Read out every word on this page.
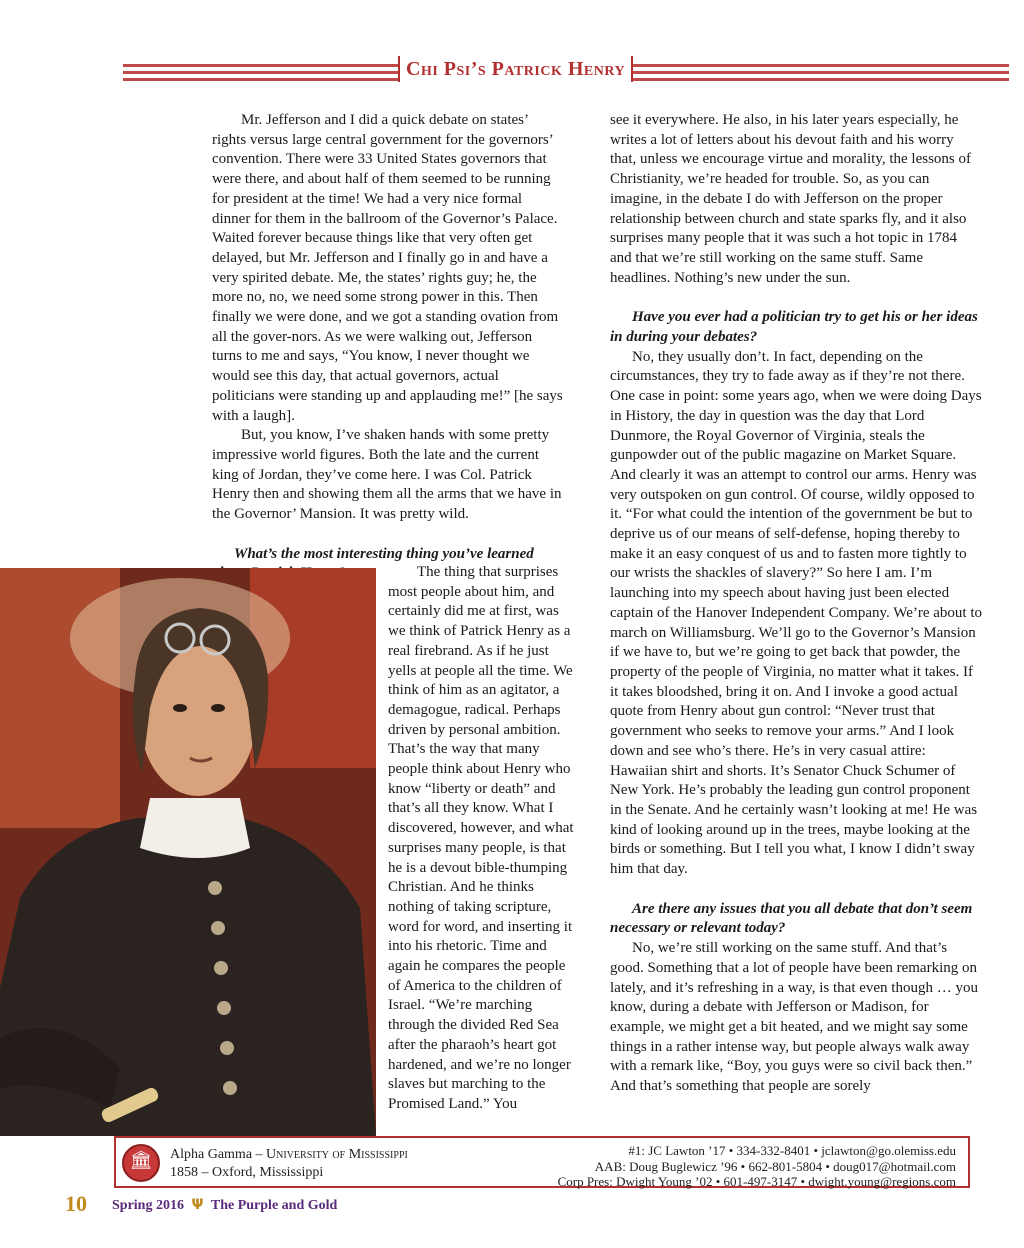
Chi Psi’s Patrick Henry

Mr. Jefferson and I did a quick debate on states’ rights versus large central government for the governors’ convention. There were 33 United States governors that were there, and about half of them seemed to be running for president at the time! We had a very nice formal dinner for them in the ballroom of the Governor’s Palace. Waited forever because things like that very often get delayed, but Mr. Jefferson and I finally go in and have a very spirited debate. Me, the states’ rights guy; he, the more no, no, we need some strong power in this. Then finally we were done, and we got a standing ovation from all the gover-nors. As we were walking out, Jefferson turns to me and says, “You know, I never thought we would see this day, that actual governors, actual politicians were standing up and applauding me!” [he says with a laugh].

But, you know, I’ve shaken hands with some pretty impressive world figures. Both the late and the current king of Jordan, they’ve come here. I was Col. Patrick Henry then and showing them all the arms that we have in the Governor’ Mansion. It was pretty wild.

What’s the most interesting thing you’ve learned

The thing that surprises most people about him, and certainly did me at first, was we think of Patrick Henry as a real firebrand. As if he just yells at people all the time. We think of him as an agitator, a demagogue, radical. Perhaps driven by personal ambition. That’s the way that many people think about Henry who know “liberty or death” and that’s all they know. What I discovered, however, and what surprises many people, is that he is a devout bible-thumping Christian. And he thinks nothing of taking scripture, word for word, and inserting it into his rhetoric. Time and again he compares the people of America to the children of Israel. “We’re marching through the divided Red Sea after the pharaoh’s heart got hardened, and we’re no longer slaves but marching to the Promised Land.” You

see it everywhere. He also, in his later years especially, he writes a lot of letters about his devout faith and his worry that, unless we encourage virtue and morality, the lessons of Christianity, we’re headed for trouble. So, as you can imagine, in the debate I do with Jefferson on the proper relationship between church and state sparks fly, and it also surprises many people that it was such a hot topic in 1784 and that we’re still working on the same stuff. Same headlines. Nothing’s new under the sun.

Have you ever had a politician try to get his or her ideas in during your debates?

No, they usually don’t. In fact, depending on the circumstances, they try to fade away as if they’re not there. One case in point: some years ago, when we were doing Days in History, the day in question was the day that Lord Dunmore, the Royal Governor of Virginia, steals the gunpowder out of the public magazine on Market Square. And clearly it was an attempt to control our arms. Henry was very outspoken on gun control. Of course, wildly opposed to it. “For what could the intention of the government be but to deprive us of our means of self-defense, hoping thereby to make it an easy conquest of us and to fasten more tightly to our wrists the shackles of slavery?” So here I am. I’m launching into my speech about having just been elected captain of the Hanover Independent Company. We’re about to march on Williamsburg. We’ll go to the Governor’s Mansion if we have to, but we’re going to get back that powder, the property of the people of Virginia, no matter what it takes. If it takes bloodshed, bring it on. And I invoke a good actual quote from Henry about gun control: “Never trust that government who seeks to remove your arms.” And I look down and see who’s there. He’s in very casual attire: Hawaiian shirt and shorts. It’s Senator Chuck Schumer of New York. He’s probably the leading gun control proponent in the Senate. And he certainly wasn’t looking at me! He was kind of looking around up in the trees, maybe looking at the birds or something. But I tell you what, I know I didn’t sway him that day.

Are there any issues that you all debate that don’t seem necessary or relevant today?

No, we’re still working on the same stuff. And that’s good. Something that a lot of people have been remarking on lately, and it’s refreshing in a way, is that even though … you know, during a debate with Jefferson or Madison, for example, we might get a bit heated, and we might say some things in a rather intense way, but people always walk away with a remark like, “Boy, you guys were so civil back then.” And that’s something that people are sorely

🏛	Alpha Gamma – University of Mississippi
1858 – Oxford, Mississippi
#1: JC Lawton ’17 • 334-332-8401 • jclawton@go.olemiss.edu
AAB: Doug Buglewicz ’96 • 662-801-5804 • doug017@hotmail.com
Corp Pres: Dwight Young ’02 • 601-497-3147 • dwight.young@regions.com
10 Spring 2016 Ψ The Purple and Gold
